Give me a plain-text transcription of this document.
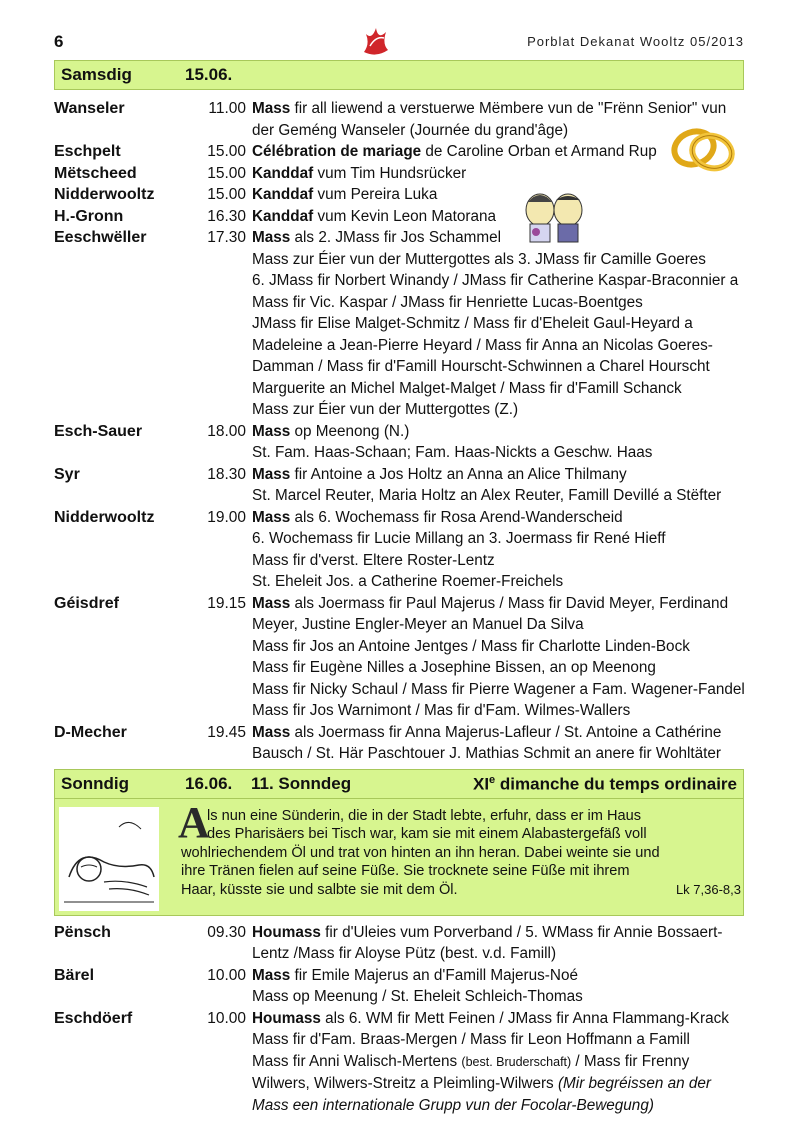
6	Porblat Dekanat Wooltz 05/2013
Samsdig	15.06.
Wanseler	11.00 Mass fir all liewend a verstuerwe Mëmbere vun de "Frënn Senior" vun
der Geméng Wanseler (Journée du grand'âge)
Eschpelt	15.00 Célébration de mariage de Caroline Orban et Armand Rup
Mëtscheed	15.00 Kanddaf vum Tim Hundsrücker
Nidderwooltz	15.00 Kanddaf vum Pereira Luka
H.-Gronn	16.30 Kanddaf vum Kevin Leon Matorana
Eeschwëller	17.30 Mass als 2. JMass fir Jos Schammel
Mass zur Éier vun der Muttergottes als 3. JMass fir Camille Goeres
6. JMass fir Norbert Winandy / JMass fir Catherine Kaspar-Braconnier a
Mass fir Vic. Kaspar / JMass fir Henriette Lucas-Boentges
JMass fir Elise Malget-Schmitz / Mass fir d'Eheleit Gaul-Heyard a
Madeleine a Jean-Pierre Heyard / Mass fir Anna an Nicolas Goeres-
Damman / Mass fir d'Famill Hourscht-Schwinnen a Charel Hourscht
Marguerite an Michel Malget-Malget / Mass fir d'Famill Schanck
Mass zur Éier vun der Muttergottes (Z.)
Esch-Sauer	18.00 Mass op Meenong (N.)
St. Fam. Haas-Schaan; Fam. Haas-Nickts a Geschw. Haas
Syr	18.30 Mass fir Antoine a Jos Holtz an Anna an Alice Thilmany
St. Marcel Reuter, Maria Holtz an Alex Reuter, Famill Devillé a Stëfter
Nidderwooltz	19.00 Mass als 6. Wochemass fir Rosa Arend-Wanderscheid
6. Wochemass fir Lucie Millang an 3. Joermass fir René Hieff
Mass fir d'verst. Eltere Roster-Lentz
St. Eheleit Jos. a Catherine Roemer-Freichels
Géisdref	19.15 Mass als Joermass fir Paul Majerus / Mass fir David Meyer, Ferdinand
Meyer, Justine Engler-Meyer an Manuel Da Silva
Mass fir Jos an Antoine Jentges / Mass fir Charlotte Linden-Bock
Mass fir Eugène Nilles a Josephine Bissen, an op Meenong
Mass fir Nicky Schaul / Mass fir Pierre Wagener a Fam. Wagener-Fandel
Mass fir Jos Warnimont / Mas fir d'Fam. Wilmes-Wallers
D-Mecher	19.45 Mass als Joermass fir Anna Majerus-Lafleur / St. Antoine a Cathérine
Bausch / St. Här Paschtouer J. Mathias Schmit an anere fir Wohltäter
Sonndig	16.06. 11. Sonndeg	XIe dimanche du temps ordinaire
A
ls nun eine Sünderin, die in der Stadt lebte, erfuhr, dass er im Haus
des Pharisäers bei Tisch war, kam sie mit einem Alabastergefäß voll
wohlriechendem Öl und trat von hinten an ihn heran. Dabei weinte sie und
ihre Tränen fielen auf seine Füße. Sie trocknete seine Füße mit ihrem
Haar, küsste sie und salbte sie mit dem Öl.	Lk 7,36-8,3
Pënsch	09.30 Houmass fir d'Uleies vum Porverband / 5. WMass fir Annie Bossaert-
Lentz /Mass fir Aloyse Pütz (best. v.d. Famill)
Bärel	10.00 Mass fir Emile Majerus an d'Famill Majerus-Noé
Mass op Meenung / St. Eheleit Schleich-Thomas
Eschdöerf	10.00 Houmass als 6. WM fir Mett Feinen / JMass fir Anna Flammang-Krack
Mass fir d'Fam. Braas-Mergen / Mass fir Leon Hoffmann a Famill
Mass fir Anni Walisch-Mertens (best. Bruderschaft) / Mass fir Frenny
Wilwers, Wilwers-Streitz a Pleimling-Wilwers (Mir begréissen an der
Mass een internationale Grupp vun der Focolar-Bewegung)
